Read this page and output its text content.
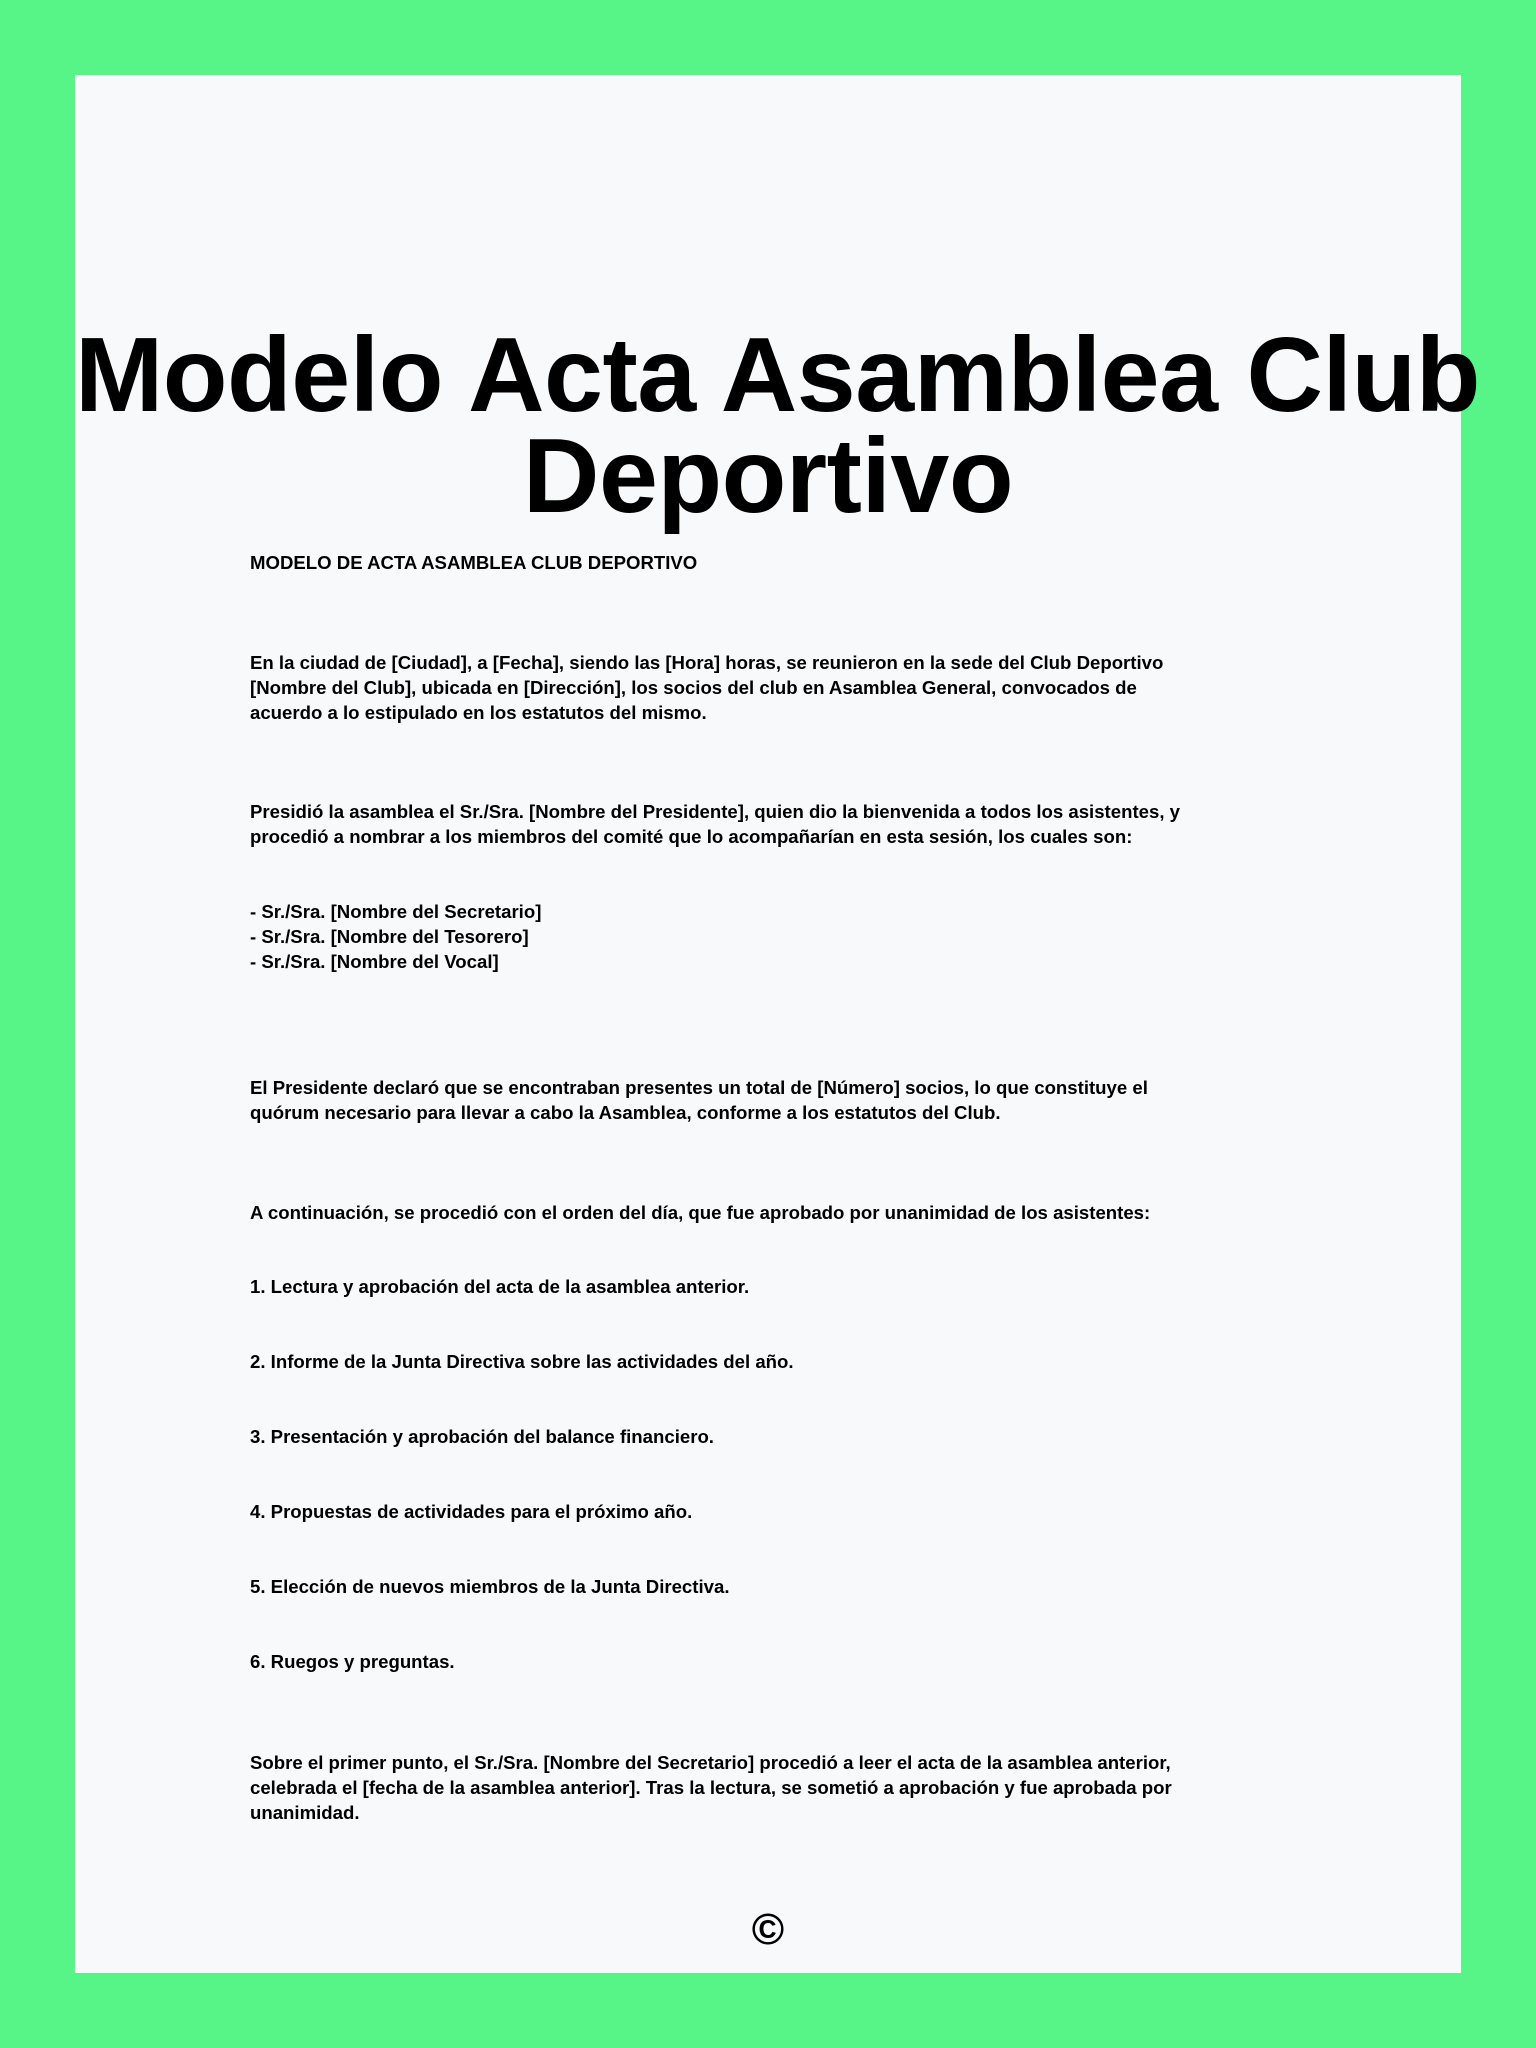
Modelo Acta Asamblea Club
Deportivo
MODELO DE ACTA ASAMBLEA CLUB DEPORTIVO
En la ciudad de [Ciudad], a [Fecha], siendo las [Hora] horas, se reunieron en la sede del Club Deportivo
[Nombre del Club], ubicada en [Dirección], los socios del club en Asamblea General, convocados de
acuerdo a lo estipulado en los estatutos del mismo.
Presidió la asamblea el Sr./Sra. [Nombre del Presidente], quien dio la bienvenida a todos los asistentes, y
procedió a nombrar a los miembros del comité que lo acompañarían en esta sesión, los cuales son:
- Sr./Sra. [Nombre del Secretario]
- Sr./Sra. [Nombre del Tesorero]
- Sr./Sra. [Nombre del Vocal]
El Presidente declaró que se encontraban presentes un total de [Número] socios, lo que constituye el
quórum necesario para llevar a cabo la Asamblea, conforme a los estatutos del Club.
A continuación, se procedió con el orden del día, que fue aprobado por unanimidad de los asistentes:
1. Lectura y aprobación del acta de la asamblea anterior.
2. Informe de la Junta Directiva sobre las actividades del año.
3. Presentación y aprobación del balance financiero.
4. Propuestas de actividades para el próximo año.
5. Elección de nuevos miembros de la Junta Directiva.
6. Ruegos y preguntas.
Sobre el primer punto, el Sr./Sra. [Nombre del Secretario] procedió a leer el acta de la asamblea anterior,
celebrada el [fecha de la asamblea anterior]. Tras la lectura, se sometió a aprobación y fue aprobada por
unanimidad.
©
